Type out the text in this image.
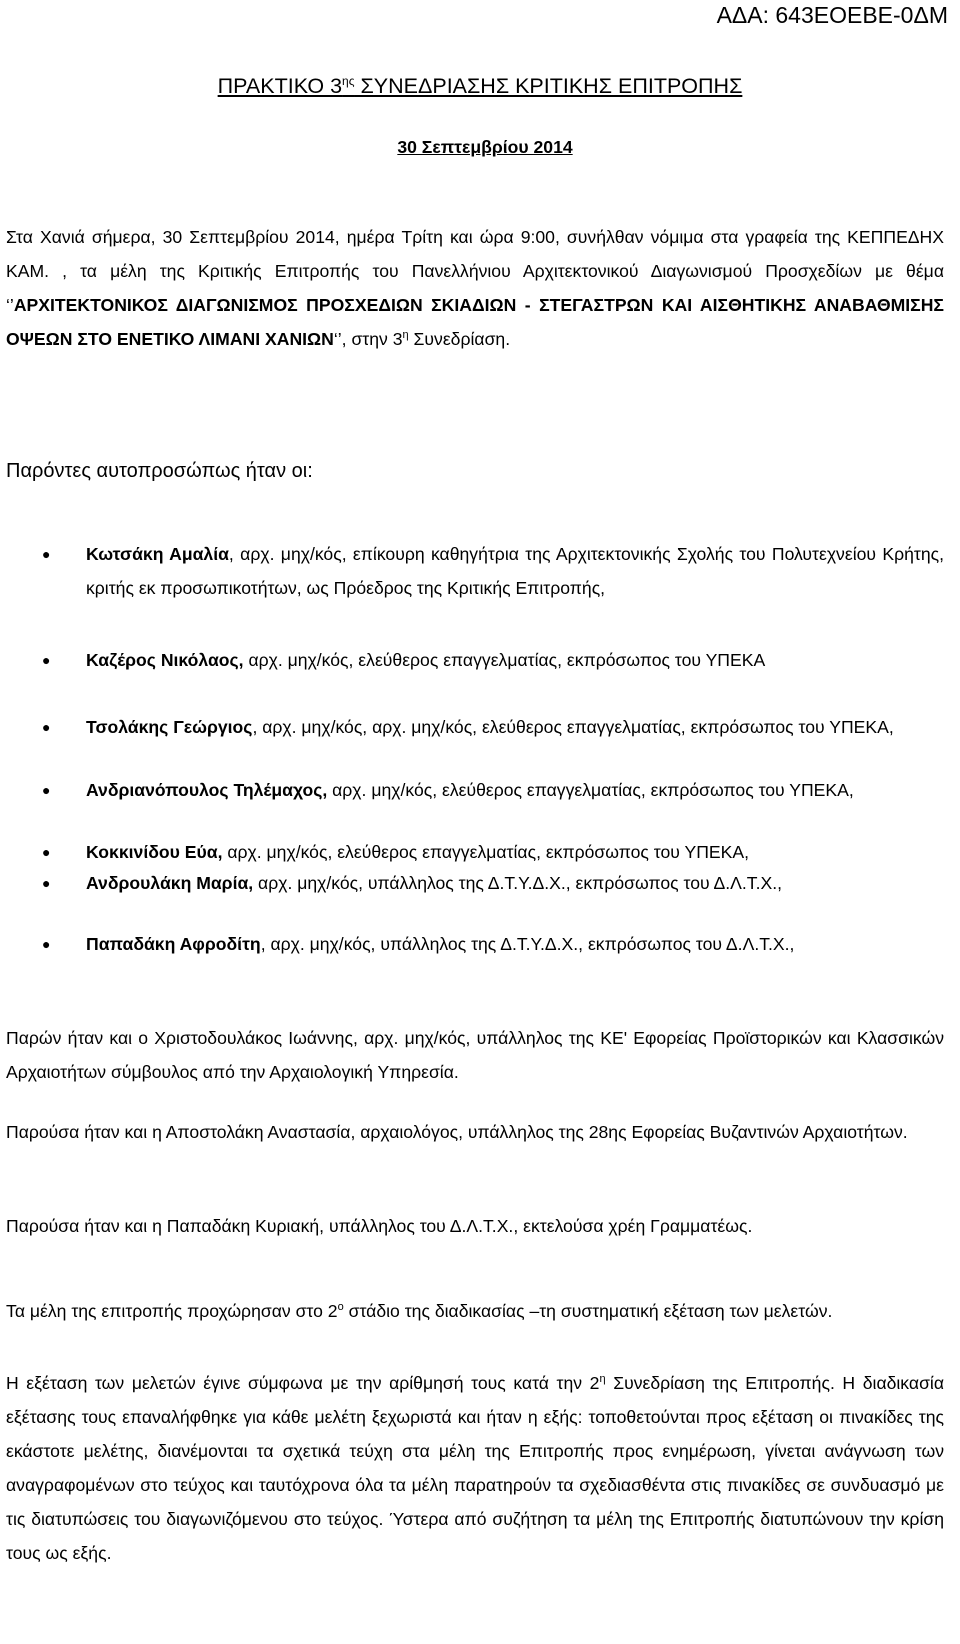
ΑΔΑ: 643ΕΟΕΒΕ-0ΔΜ
ΠΡΑΚΤΙΚΟ $3^{\eta\varsigma}$ ΣΥΝΕΔΡΙΑΣΗΣ ΚΡΙΤΙΚΗΣ ΕΠΙΤΡΟΠΗΣ
30 Σεπτεμβρίου 2014
Στα Χανιά σήμερα, 30 Σεπτεμβρίου 2014, ημέρα Τρίτη και ώρα 9:00, συνήλθαν νόμιμα στα γραφεία της ΚΕΠΠΕΔΗΧ ΚΑΜ. , τα μέλη της Κριτικής Επιτροπής του Πανελλήνιου Αρχιτεκτονικού Διαγωνισμού Προσχεδίων με θέμα ‘’ΑΡΧΙΤΕΚΤΟΝΙΚΟΣ ΔΙΑΓΩΝΙΣΜΟΣ ΠΡΟΣΧΕΔΙΩΝ ΣΚΙΑΔΙΩΝ - ΣΤΕΓΑΣΤΡΩΝ ΚΑΙ ΑΙΣΘΗΤΙΚΗΣ ΑΝΑΒΑΘΜΙΣΗΣ ΟΨΕΩΝ ΣΤΟ ΕΝΕΤΙΚΟ ΛΙΜΑΝΙ ΧΑΝΙΩΝ‘’, στην $3^\eta$ Συνεδρίαση.
Παρόντες αυτοπροσώπως ήταν οι:
● Κωτσάκη Αμαλία, αρχ. μηχ/κός, επίκουρη καθηγήτρια της Αρχιτεκτονικής Σχολής του Πολυτεχνείου Κρήτης, κριτής εκ προσωπικοτήτων, ως Πρόεδρος της Κριτικής Επιτροπής,
● Καζέρος Νικόλαος, αρχ. μηχ/κός, ελεύθερος επαγγελματίας, εκπρόσωπος του ΥΠΕΚΑ
● Τσολάκης Γεώργιος, αρχ. μηχ/κός, αρχ. μηχ/κός, ελεύθερος επαγγελματίας, εκπρόσωπος του ΥΠΕΚΑ,
● Ανδριανόπουλος Τηλέμαχος, αρχ. μηχ/κός, ελεύθερος επαγγελματίας, εκπρόσωπος του ΥΠΕΚΑ,
● Κοκκινίδου Εύα, αρχ. μηχ/κός, ελεύθερος επαγγελματίας, εκπρόσωπος του ΥΠΕΚΑ,
● Ανδρουλάκη Μαρία, αρχ. μηχ/κός, υπάλληλος της Δ.Τ.Υ.Δ.Χ., εκπρόσωπος του Δ.Λ.Τ.Χ.,
● Παπαδάκη Αφροδίτη, αρχ. μηχ/κός, υπάλληλος της Δ.Τ.Υ.Δ.Χ., εκπρόσωπος του Δ.Λ.Τ.Χ.,
Παρών ήταν και ο Χριστοδουλάκος Ιωάννης, αρχ. μηχ/κός, υπάλληλος της ΚΕ' Εφορείας Προϊστορικών και Κλασσικών Αρχαιοτήτων σύμβουλος από την Αρχαιολογική Υπηρεσία.
Παρούσα ήταν και η Αποστολάκη Αναστασία, αρχαιολόγος, υπάλληλος της 28ης Εφορείας Βυζαντινών Αρχαιοτήτων.
Παρούσα ήταν και η Παπαδάκη Κυριακή, υπάλληλος του Δ.Λ.Τ.Χ., εκτελούσα χρέη Γραμματέως.
Τα μέλη της επιτροπής προχώρησαν στο $2^o$ στάδιο της διαδικασίας –τη συστηματική εξέταση των μελετών.
Η εξέταση των μελετών έγινε σύμφωνα με την αρίθμησή τους κατά την $2^\eta$ Συνεδρίαση της Επιτροπής. Η διαδικασία εξέτασης τους επαναλήφθηκε για κάθε μελέτη ξεχωριστά και ήταν η εξής: τοποθετούνται προς εξέταση οι πινακίδες της εκάστοτε μελέτης, διανέμονται τα σχετικά τεύχη στα μέλη της Επιτροπής προς ενημέρωση, γίνεται ανάγνωση των αναγραφομένων στο τεύχος και ταυτόχρονα όλα τα μέλη παρατηρούν τα σχεδιασθέντα στις πινακίδες σε συνδυασμό με τις διατυπώσεις του διαγωνιζόμενου στο τεύχος. Ύστερα από συζήτηση τα μέλη της Επιτροπής διατυπώνουν την κρίση τους ως εξής.
